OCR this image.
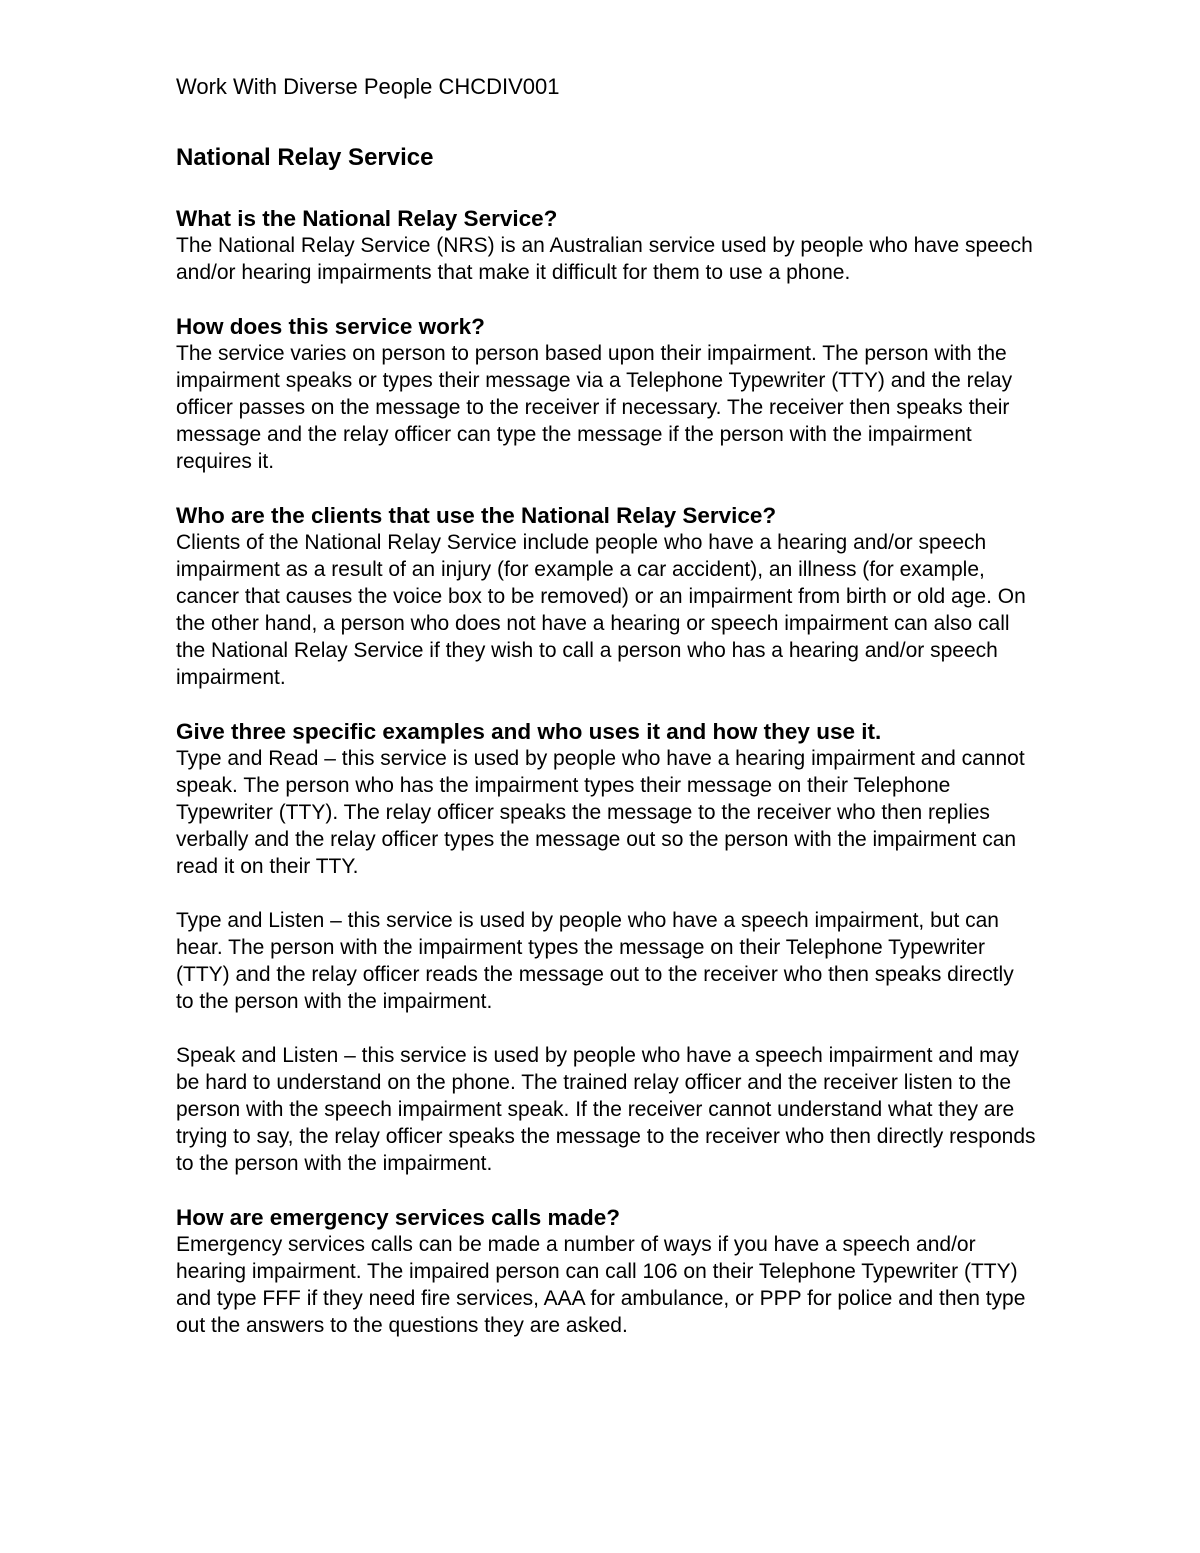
Work With Diverse People CHCDIV001
National Relay Service

What is the National Relay Service?

The National Relay Service (NRS) is an Australian service used by people who have speech and/or hearing impairments that make it difficult for them to use a phone.

How does this service work?

The service varies on person to person based upon their impairment. The person with the impairment speaks or types their message via a Telephone Typewriter (TTY) and the relay officer passes on the message to the receiver if necessary. The receiver then speaks their message and the relay officer can type the message if the person with the impairment requires it.

Who are the clients that use the National Relay Service?

Clients of the National Relay Service include people who have a hearing and/or speech impairment as a result of an injury (for example a car accident), an illness (for example, cancer that causes the voice box to be removed) or an impairment from birth or old age. On the other hand, a person who does not have a hearing or speech impairment can also call the National Relay Service if they wish to call a person who has a hearing and/or speech impairment.

Give three specific examples and who uses it and how they use it.

Type and Read – this service is used by people who have a hearing impairment and cannot speak. The person who has the impairment types their message on their Telephone Typewriter (TTY). The relay officer speaks the message to the receiver who then replies verbally and the relay officer types the message out so the person with the impairment can read it on their TTY.

Type and Listen – this service is used by people who have a speech impairment, but can hear. The person with the impairment types the message on their Telephone Typewriter (TTY) and the relay officer reads the message out to the receiver who then speaks directly to the person with the impairment.

Speak and Listen – this service is used by people who have a speech impairment and may be hard to understand on the phone. The trained relay officer and the receiver listen to the person with the speech impairment speak. If the receiver cannot understand what they are trying to say, the relay officer speaks the message to the receiver who then directly responds to the person with the impairment.

How are emergency services calls made?

Emergency services calls can be made a number of ways if you have a speech and/or hearing impairment. The impaired person can call 106 on their Telephone Typewriter (TTY) and type FFF if they need fire services, AAA for ambulance, or PPP for police and then type out the answers to the questions they are asked.
